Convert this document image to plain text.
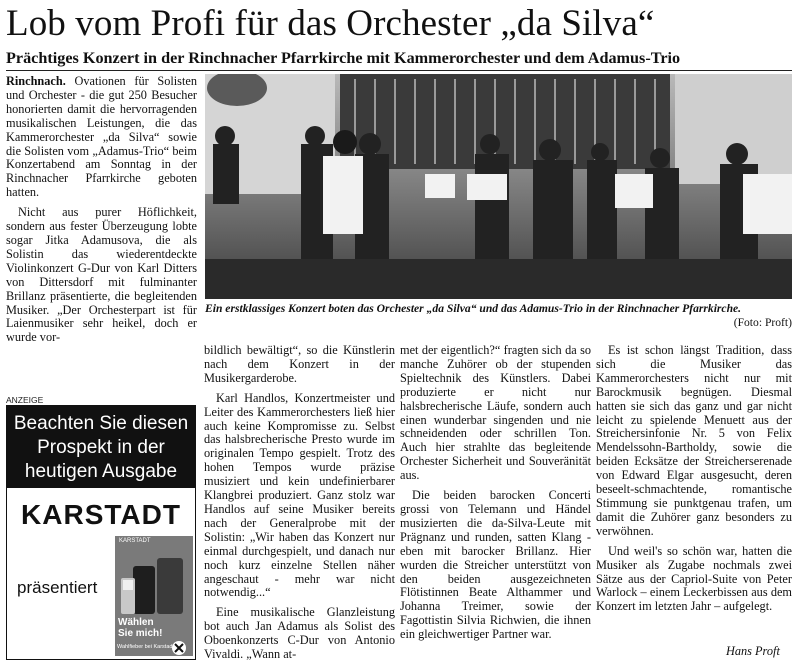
Lob vom Profi für das Orchester „da Silva“
Prächtiges Konzert in der Rinchnacher Pfarrkirche mit Kammerorchester und dem Adamus-Trio

Rinchnach. Ovationen für Solisten und Orchester - die gut 250 Besucher honorierten damit die hervorragenden musikalischen Leistungen, die das Kammerorchester „da Silva“ sowie die Solisten vom „Adamus-Trio“ beim Konzertabend am Sonntag in der Rinchnacher Pfarrkirche geboten hatten.

Nicht aus purer Höflichkeit, sondern aus fester Überzeugung lobte sogar Jitka Adamusova, die als Solistin das wiederentdeckte Violinkonzert G-Dur von Karl Ditters von Dittersdorf mit fulminanter Brillanz präsentierte, die begleitenden Musiker. „Der Orchesterpart ist für Laienmusiker sehr heikel, doch er wurde vor-

Ein erstklassiges Konzert boten das Orchester „da Silva“ und das Adamus-Trio in der Rinchnacher Pfarrkirche.
(Foto: Proft)

bildlich bewältigt“, so die Künstlerin nach dem Konzert in der Musikergarderobe.

Karl Handlos, Konzertmeister und Leiter des Kammerorchesters ließ hier auch keine Kompromisse zu. Selbst das halsbrecherische Presto wurde im originalen Tempo gespielt. Trotz des hohen Tempos wurde präzise musiziert und kein undefinierbarer Klangbrei produziert. Ganz stolz war Handlos auf seine Musiker bereits nach der Generalprobe mit der Solistin: „Wir haben das Konzert nur einmal durchgespielt, und danach nur noch kurz einzelne Stellen näher angeschaut - mehr war nicht notwendig...“

Eine musikalische Glanzleistung bot auch Jan Adamus als Solist des Oboenkonzerts C-Dur von Antonio Vivaldi. „Wann at-

met der eigentlich?“ fragten sich da so manche Zuhörer ob der stupenden Spieltechnik des Künstlers. Dabei produzierte er nicht nur halsbrecherische Läufe, sondern auch einen wunderbar singenden und nie schneidenden oder schrillen Ton. Auch hier strahlte das begleitende Orchester Sicherheit und Souveränität aus.

Die beiden barocken Concerti grossi von Telemann und Händel musizierten die da-Silva-Leute mit Prägnanz und runden, satten Klang - eben mit barocker Brillanz. Hier wurden die Streicher unterstützt von den beiden ausgezeichneten Flötistinnen Beate Althammer und Johanna Treimer, sowie der Fagottistin Silvia Richwien, die ihnen ein gleichwertiger Partner war.

Es ist schon längst Tradition, dass sich die Musiker das Kammerorchesters nicht nur mit Barockmusik begnügen. Diesmal hatten sie sich das ganz und gar nicht leicht zu spielende Menuett aus der Streichersinfonie Nr. 5 von Felix Mendelssohn-Bartholdy, sowie die beiden Ecksätze der Streicherserenade von Edward Elgar ausgesucht, deren beseelt-schmachtende, romantische Stimmung sie punktgenau trafen, um damit die Zuhörer ganz besonders zu verwöhnen.

Und weil's so schön war, hatten die Musiker als Zugabe nochmals zwei Sätze aus der Capriol-Suite von Peter Warlock – einem Leckerbissen aus dem Konzert im letzten Jahr – aufgelegt.

Hans Proft
ANZEIGE
Beachten Sie diesen
Prospekt in der
heutigen Ausgabe
KARSTADT
präsentiert
KARSTADT
Wählen
Sie mich!
Wahlfieber bei Karstadt.
